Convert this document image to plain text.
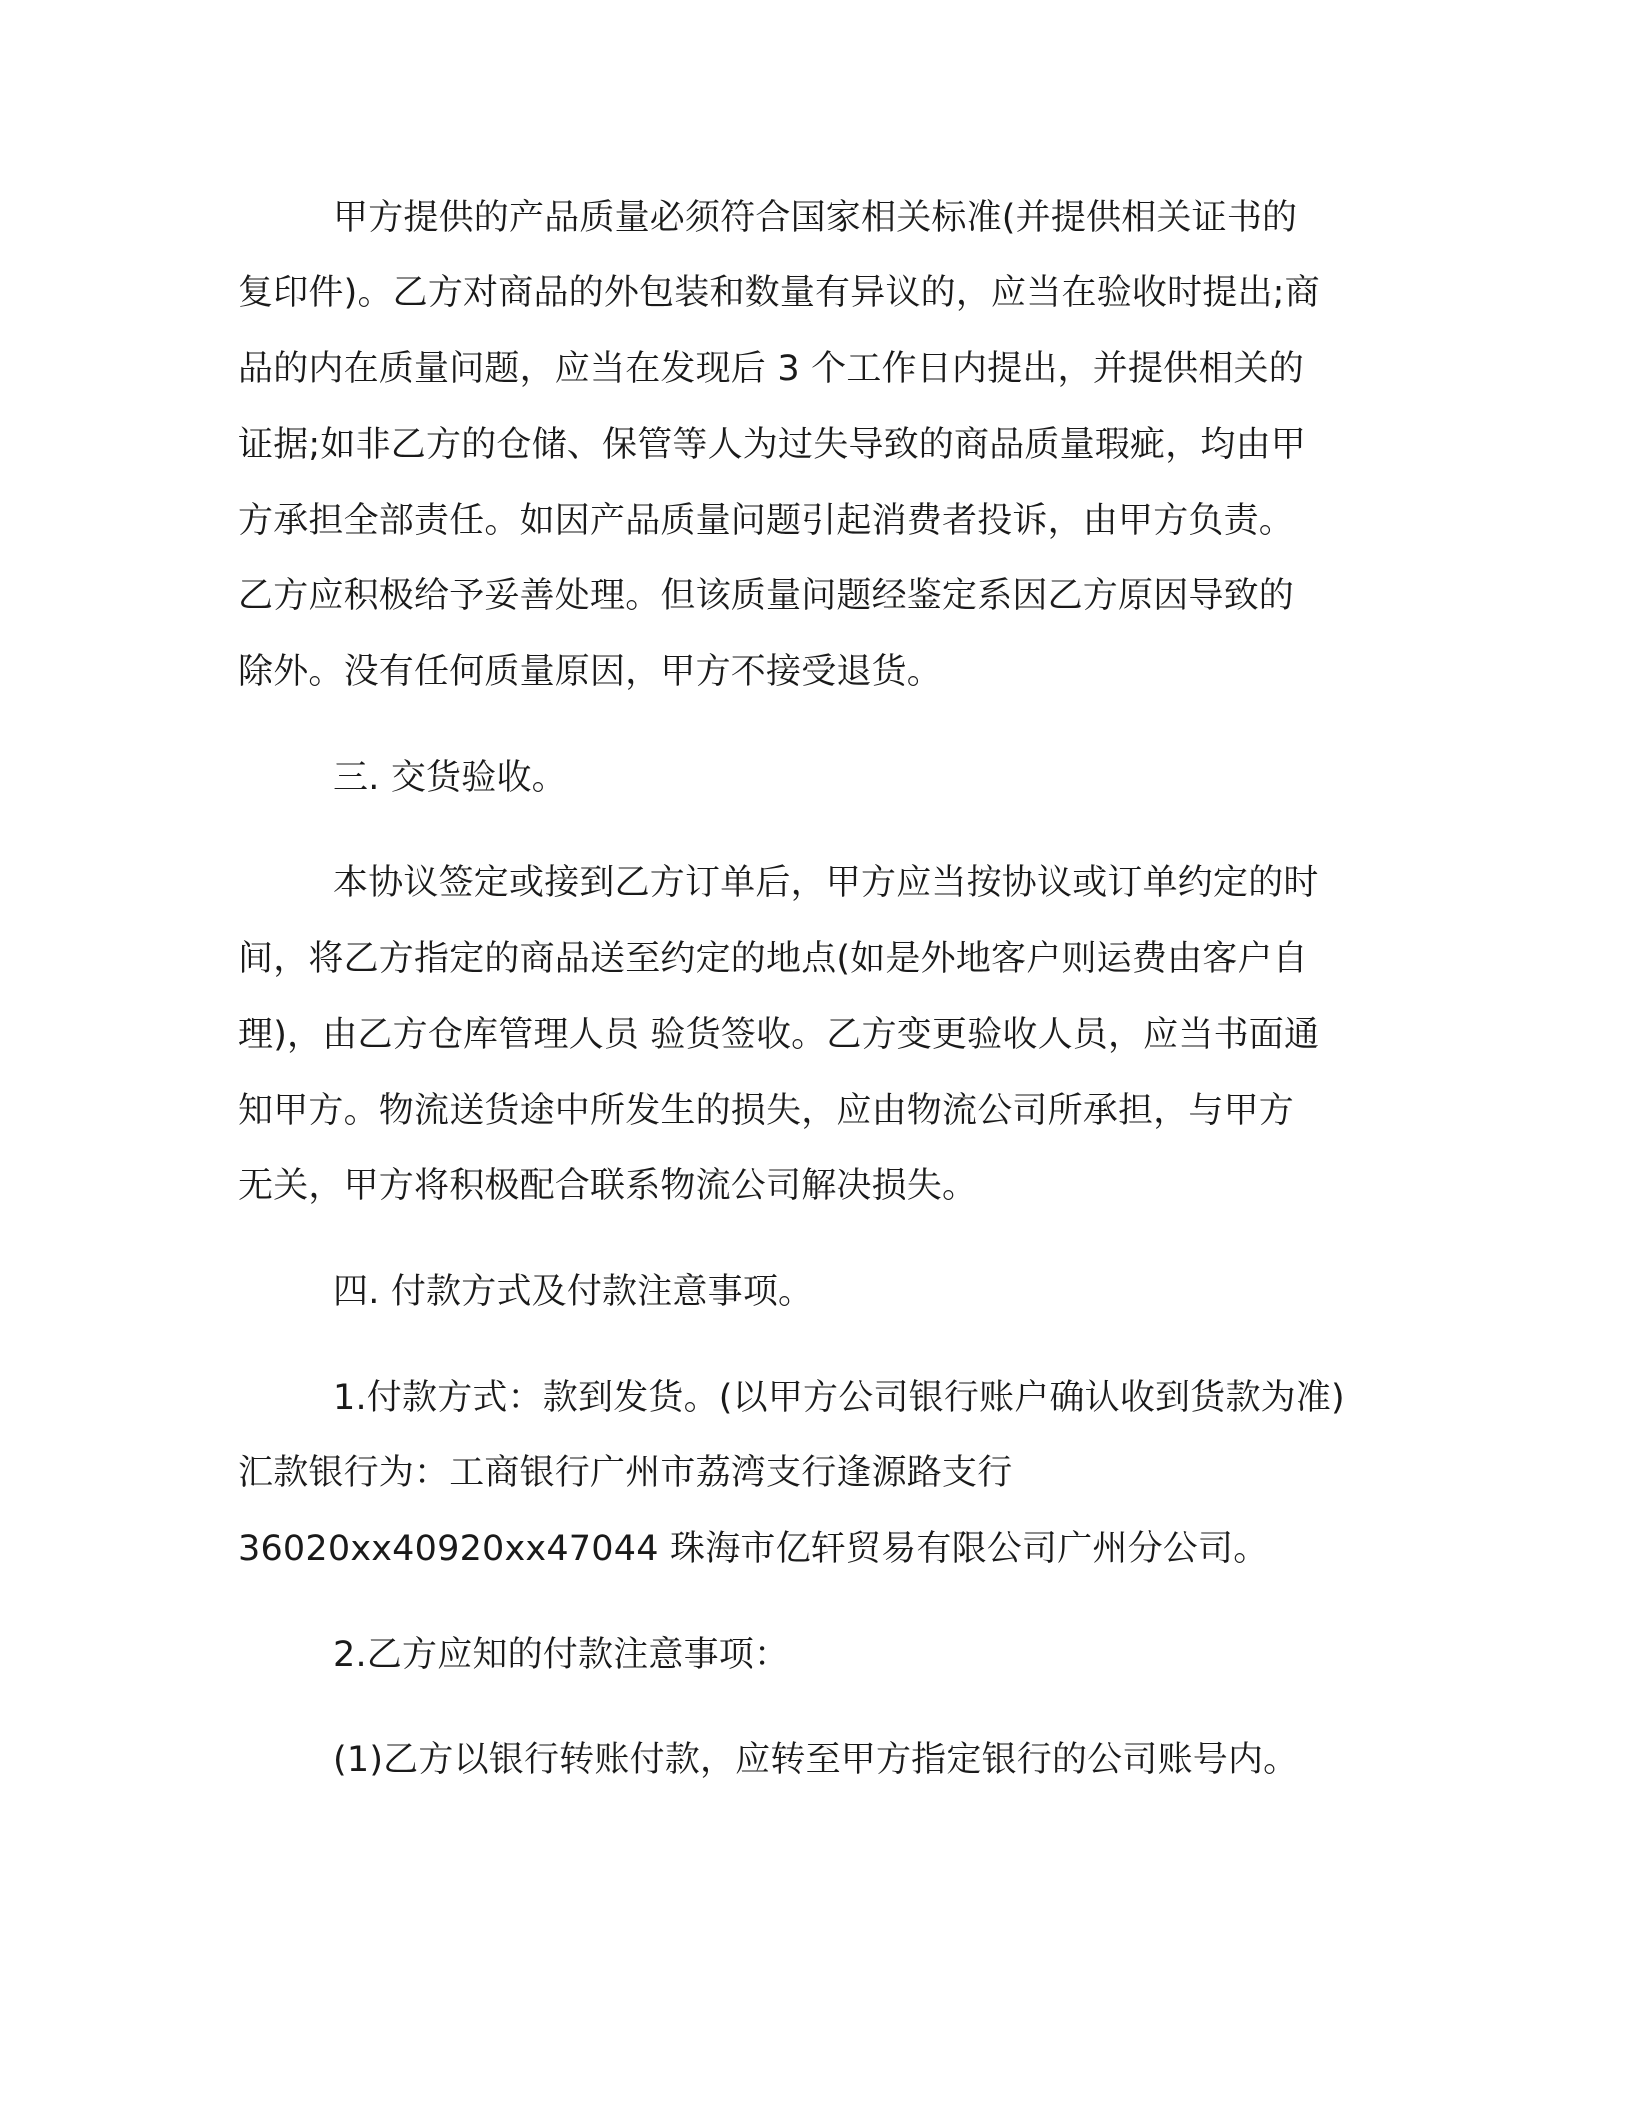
甲方提供的产品质量必须符合国家相关标准(并提供相关证书的
复印件)。乙方对商品的外包装和数量有异议的，应当在验收时提出;商
品的内在质量问题，应当在发现后 3 个工作日内提出，并提供相关的
证据;如非乙方的仓储、保管等人为过失导致的商品质量瑕疵，均由甲
方承担全部责任。如因产品质量问题引起消费者投诉，由甲方负责。
乙方应积极给予妥善处理。但该质量问题经鉴定系因乙方原因导致的
除外。没有任何质量原因，甲方不接受退货。
三. 交货验收。
本协议签定或接到乙方订单后，甲方应当按协议或订单约定的时
间，将乙方指定的商品送至约定的地点(如是外地客户则运费由客户自
理)，由乙方仓库管理人员 验货签收。乙方变更验收人员，应当书面通
知甲方。物流送货途中所发生的损失，应由物流公司所承担，与甲方
无关，甲方将积极配合联系物流公司解决损失。
四. 付款方式及付款注意事项。
1.付款方式：款到发货。(以甲方公司银行账户确认收到货款为准)
汇款银行为：工商银行广州市荔湾支行逢源路支行
36020xx40920xx47044 珠海市亿轩贸易有限公司广州分公司。
2.乙方应知的付款注意事项：
(1)乙方以银行转账付款，应转至甲方指定银行的公司账号内。
